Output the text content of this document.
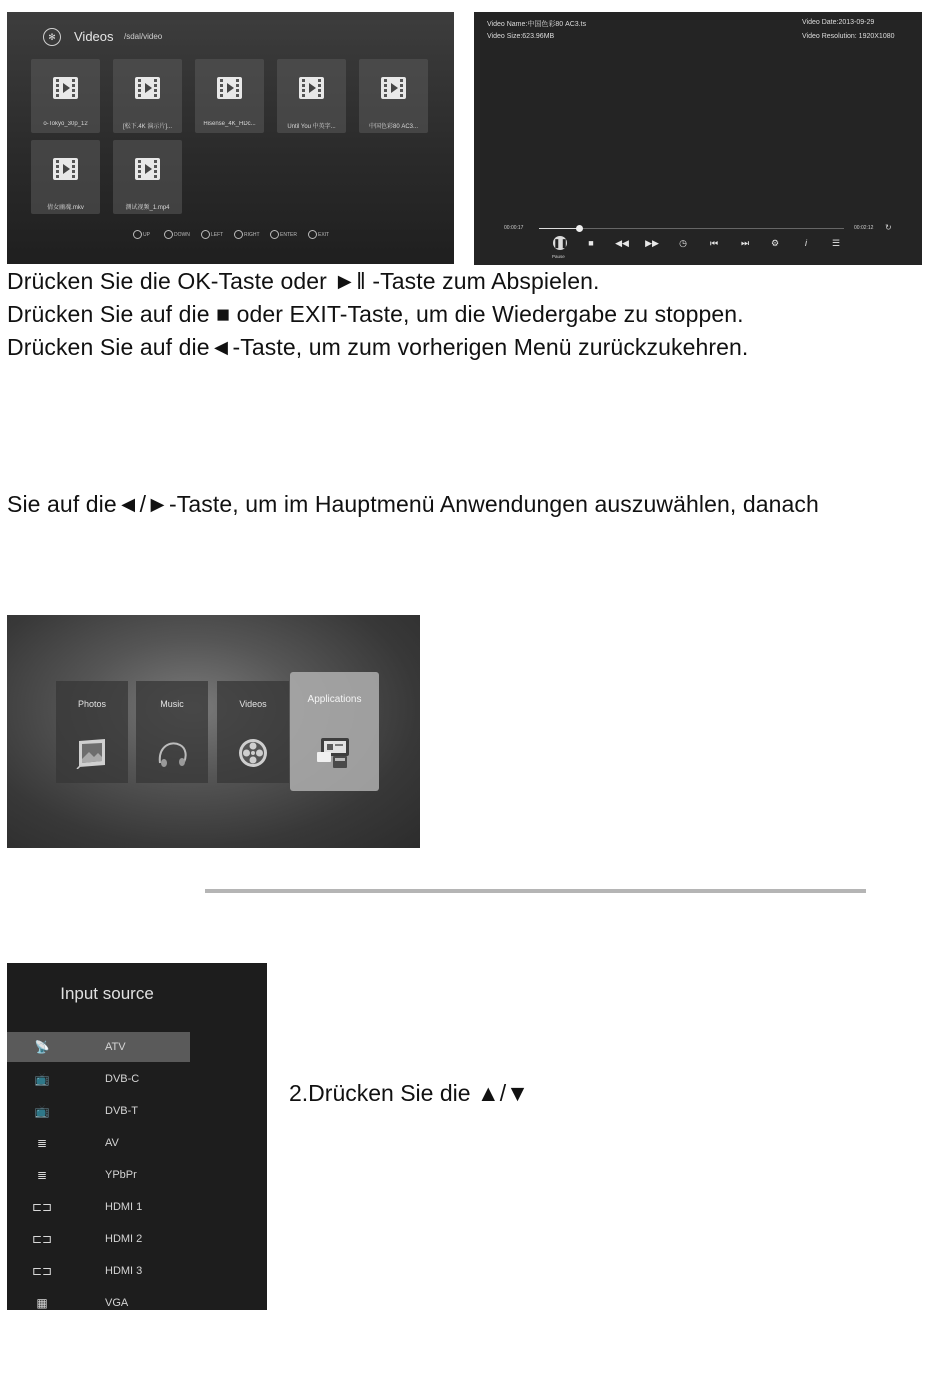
✻	Videos /sdal/video
o-Tokyo_30p_12	[松下.4K 演示片]...	Hisense_4K_HDc...	Until You 中英字...	中国色彩80 AC3...
倩女幽魂.mkv	测试视频_1.mp4
UP	DOWN	LEFT	RIGHT	ENTER	EXIT
Video Name:中国色彩80 AC3.ts
Video Size:623.96MB
Video Date:2013-09-29
Video Resolution: 1920X1080
00:00:17	00:02:12 ↻
❚❚	■	◀◀ ▶▶	◷	⏮	⏭	⚙	i	☰
Pause
Drücken Sie die OK-Taste oder ►‖ -Taste zum Abspielen.
Drücken Sie auf die ■ oder EXIT-Taste, um die Wiedergabe zu stoppen.
Drücken Sie auf die◄-Taste, um zum vorherigen Menü zurückzukehren.
Sie auf die◄/►-Taste, um im Hauptmenü Anwendungen auszuwählen, danach
Photos	Music	Videos	Applications
Input source
📡	ATV
📺	DVB-C
📺	DVB-T
≣	AV
≣	YPbPr
⊏⊐	HDMI 1
⊏⊐	HDMI 2
⊏⊐	HDMI 3
▦	VGA
2.Drücken Sie die ▲/▼
